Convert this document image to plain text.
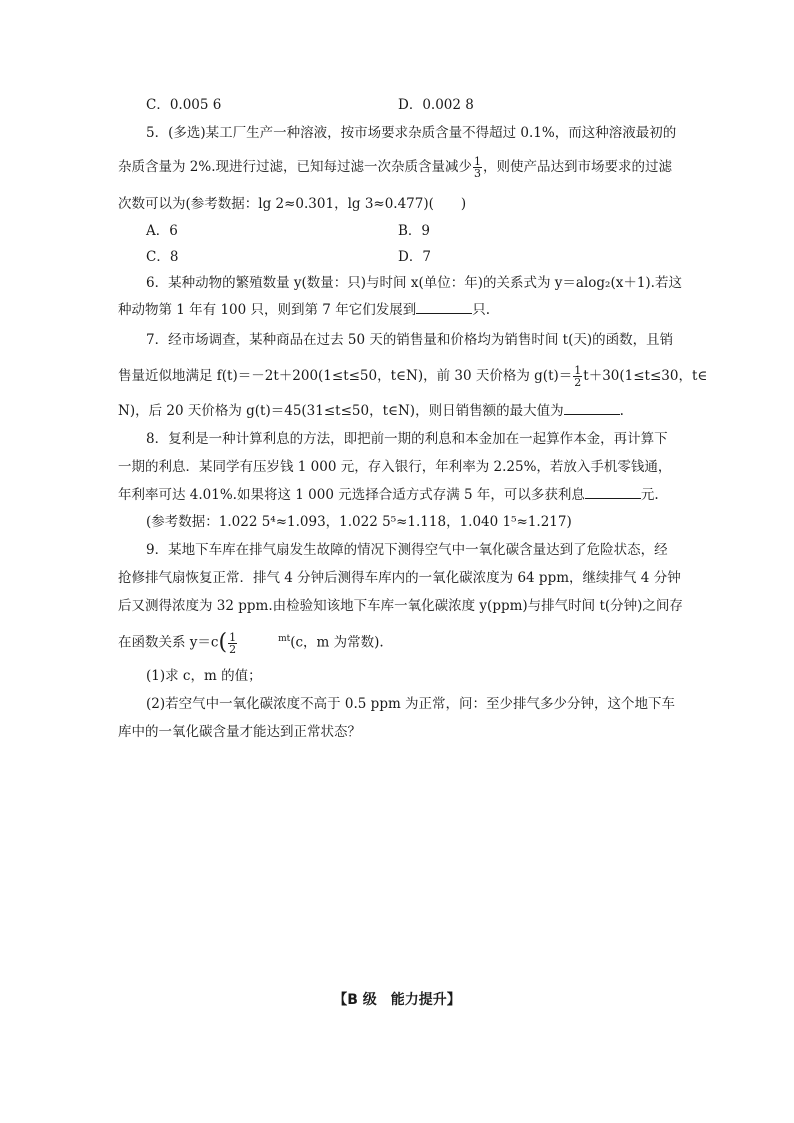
C．0.005 6	D．0.002 8
5．(多选)某工厂生产一种溶液，按市场要求杂质含量不得超过 0.1%，而这种溶液最初的
杂质含量为 2%.现进行过滤，已知每过滤一次杂质含量减少 $\frac{1}{3}$ ，则使产品达到市场要求的过滤
次数可以为(参考数据：lg 2≈0.301，lg 3≈0.477)(　　)
A．6	B．9
C．8	D．7
6．某种动物的繁殖数量 y(数量：只)与时间 x(单位：年)的关系式为 y＝alog₂(x＋1).若这
种动物第 1 年有 100 只，则到第 7 年它们发展到	只.
7．经市场调查，某种商品在过去 50 天的销售量和价格均为销售时间 t(天)的函数，且销
售量近似地满足 f(t)＝－2t＋200(1≤t≤50，t∈N)，前 30 天价格为 $g(t)= \frac{1}{2} t+30(1\le t\le 30$，t∈
N)，后 20 天价格为 g(t)＝45(31≤t≤50，t∈N)，则日销售额的最大值为	.
8．复利是一种计算利息的方法，即把前一期的利息和本金加在一起算作本金，再计算下
一期的利息．某同学有压岁钱 1 000 元，存入银行，年利率为 2.25%，若放入手机零钱通，
年利率可达 4.01%.如果将这 1 000 元选择合适方式存满 5 年，可以多获利息	元.
(参考数据：1.022 5⁴≈1.093，1.022 5⁵≈1.118，1.040 1⁵≈1.217)
9．某地下车库在排气扇发生故障的情况下测得空气中一氧化碳含量达到了危险状态，经
抢修排气扇恢复正常．排气 4 分钟后测得车库内的一氧化碳浓度为 64 ppm，继续排气 4 分钟
后又测得浓度为 32 ppm.由检验知该地下车库一氧化碳浓度 y(ppm)与排气时间 t(分钟)之间存
在函数关系 $y=c( \frac{1}{2}$	$^{mt}$(c，m 为常数).
(1)求 c，m 的值；
(2)若空气中一氧化碳浓度不高于 0.5 ppm 为正常，问：至少排气多少分钟，这个地下车
库中的一氧化碳含量才能达到正常状态？
【B 级　能力提升】
